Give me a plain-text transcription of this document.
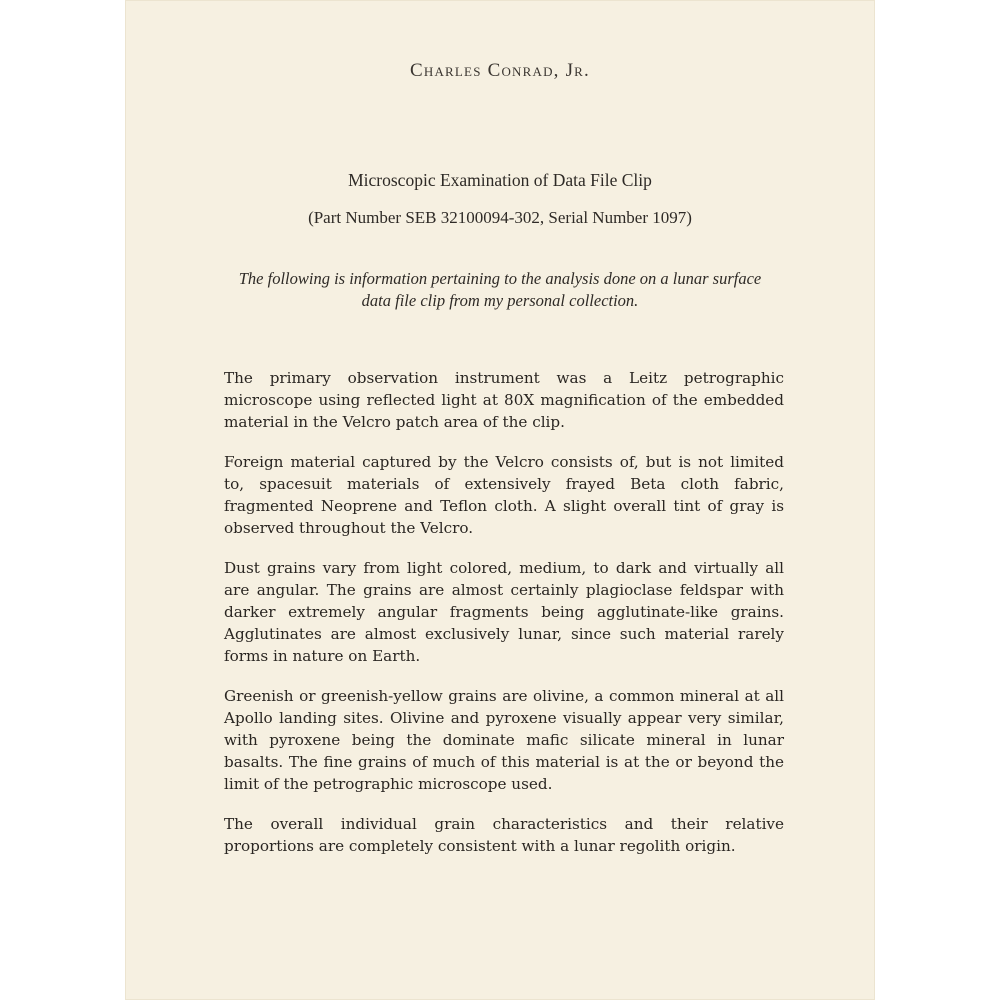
Charles Conrad, Jr.
Microscopic Examination of Data File Clip
(Part Number SEB 32100094-302, Serial Number 1097)
The following is information pertaining to the analysis done on a lunar surface data file clip from my personal collection.

The primary observation instrument was a Leitz petrographic microscope using reflected light at 80X magnification of the embedded material in the Velcro patch area of the clip.

Foreign material captured by the Velcro consists of, but is not limited to, spacesuit materials of extensively frayed Beta cloth fabric, fragmented Neoprene and Teflon cloth. A slight overall tint of gray is observed throughout the Velcro.

Dust grains vary from light colored, medium, to dark and virtually all are angular. The grains are almost certainly plagioclase feldspar with darker extremely angular fragments being agglutinate-like grains. Agglutinates are almost exclusively lunar, since such material rarely forms in nature on Earth.

Greenish or greenish-yellow grains are olivine, a common mineral at all Apollo landing sites. Olivine and pyroxene visually appear very similar, with pyroxene being the dominate mafic silicate mineral in lunar basalts. The fine grains of much of this material is at the or beyond the limit of the petrographic microscope used.

The overall individual grain characteristics and their relative proportions are completely consistent with a lunar regolith origin.
